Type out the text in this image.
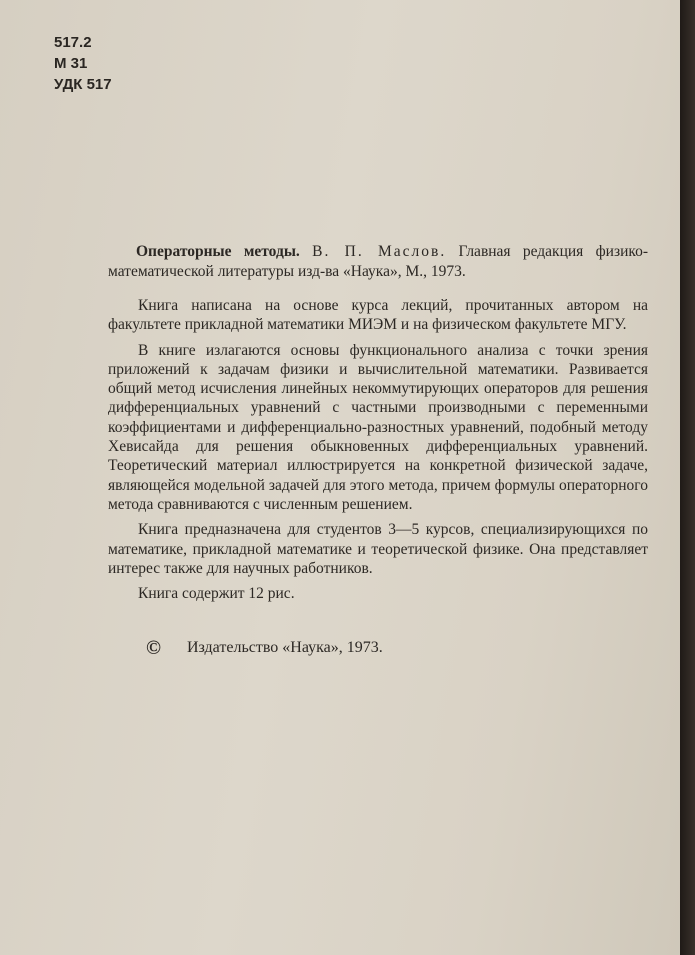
517.2
М 31
УДК 517

Операторные методы. В. П. Маслов. Главная редакция физико-математической литературы изд-ва «Наука», М., 1973.

Книга написана на основе курса лекций, прочитанных автором на факультете прикладной математики МИЭМ и на физическом факультете МГУ.

В книге излагаются основы функционального анализа с точки зрения приложений к задачам физики и вычислительной математики. Развивается общий метод исчисления линейных некоммутирующих операторов для решения дифференциальных уравнений с частными производными с переменными коэффициентами и дифференциально-разностных уравнений, подобный методу Хевисайда для решения обыкновенных дифференциальных уравнений. Теоретический материал иллюстрируется на конкретной физической задаче, являющейся модельной задачей для этого метода, причем формулы операторного метода сравниваются с численным решением.

Книга предназначена для студентов 3—5 курсов, специализирующихся по математике, прикладной математике и теоретической физике. Она представляет интерес также для научных работников.

Книга содержит 12 рис.

© Издательство «Наука», 1973.
